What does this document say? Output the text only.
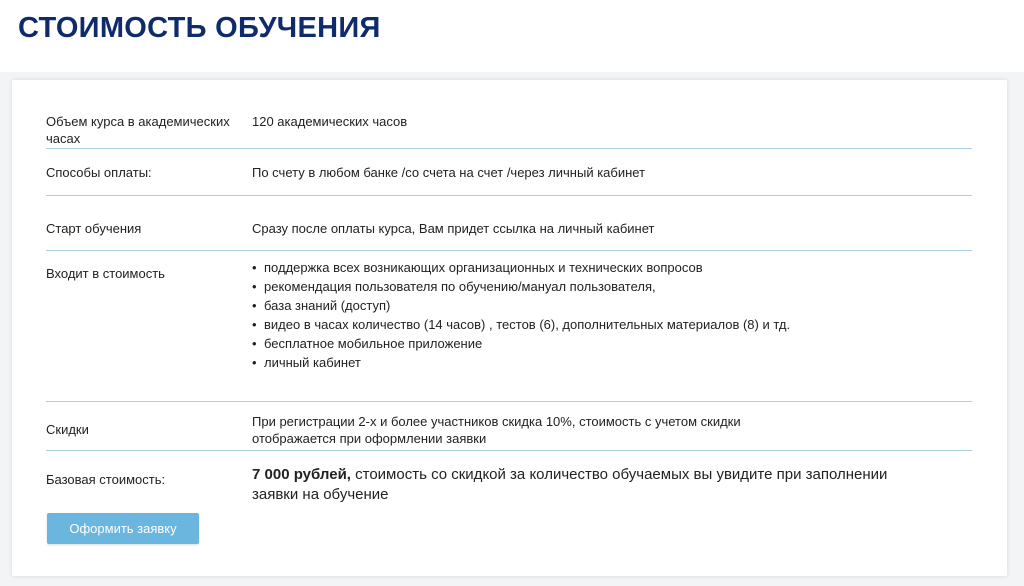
СТОИМОСТЬ ОБУЧЕНИЯ
Объем курса в академических часах
120 академических часов
Способы оплаты:	По счету в любом банке /со счета на счет /через личный кабинет
Старт обучения	Сразу после оплаты курса, Вам придет ссылка на личный кабинет
Входит в стоимость
•	поддержка всех возникающих организационных и технических вопросов
• рекомендация пользователя по обучению/мануал пользователя,
• база знаний (доступ)
• видео в часах количество (14 часов) , тестов (6), дополнительных материалов (8) и тд.
• бесплатное мобильное приложение
• личный кабинет
Скидки
При регистрации 2-х и более участников скидка 10%, стоимость с учетом скидки отображается при оформлении заявки
Базовая стоимость:	7 000 рублей, стоимость со скидкой за количество обучаемых вы увидите при заполнении заявки на обучение
Оформить заявку
